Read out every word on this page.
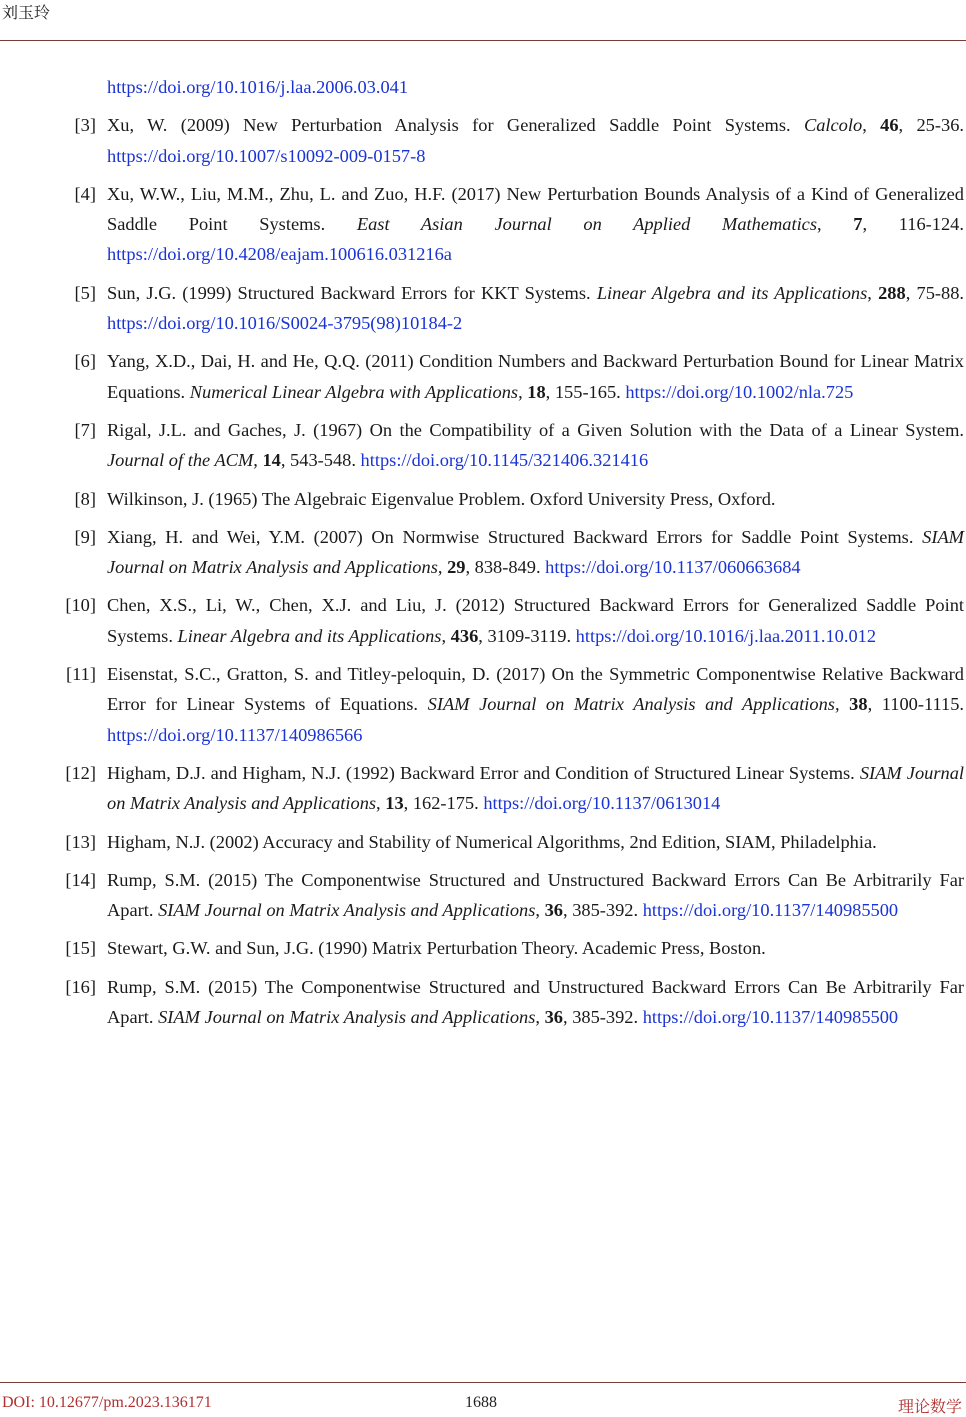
刘玉玲
https://doi.org/10.1016/j.laa.2006.03.041
[3] Xu, W. (2009) New Perturbation Analysis for Generalized Saddle Point Systems. Calcolo, 46, 25-36. https://doi.org/10.1007/s10092-009-0157-8
[4] Xu, W.W., Liu, M.M., Zhu, L. and Zuo, H.F. (2017) New Perturbation Bounds Analysis of a Kind of Generalized Saddle Point Systems. East Asian Journal on Applied Mathematics, 7, 116-124. https://doi.org/10.4208/eajam.100616.031216a
[5] Sun, J.G. (1999) Structured Backward Errors for KKT Systems. Linear Algebra and its Applications, 288, 75-88. https://doi.org/10.1016/S0024-3795(98)10184-2
[6] Yang, X.D., Dai, H. and He, Q.Q. (2011) Condition Numbers and Backward Perturbation Bound for Linear Matrix Equations. Numerical Linear Algebra with Applications, 18, 155-165. https://doi.org/10.1002/nla.725
[7] Rigal, J.L. and Gaches, J. (1967) On the Compatibility of a Given Solution with the Data of a Linear System. Journal of the ACM, 14, 543-548. https://doi.org/10.1145/321406.321416
[8] Wilkinson, J. (1965) The Algebraic Eigenvalue Problem. Oxford University Press, Oxford.
[9] Xiang, H. and Wei, Y.M. (2007) On Normwise Structured Backward Errors for Saddle Point Systems. SIAM Journal on Matrix Analysis and Applications, 29, 838-849. https://doi.org/10.1137/060663684
[10] Chen, X.S., Li, W., Chen, X.J. and Liu, J. (2012) Structured Backward Errors for Generalized Saddle Point Systems. Linear Algebra and its Applications, 436, 3109-3119. https://doi.org/10.1016/j.laa.2011.10.012
[11] Eisenstat, S.C., Gratton, S. and Titley-peloquin, D. (2017) On the Symmetric Componentwise Relative Backward Error for Linear Systems of Equations. SIAM Journal on Matrix Analysis and Applications, 38, 1100-1115. https://doi.org/10.1137/140986566
[12] Higham, D.J. and Higham, N.J. (1992) Backward Error and Condition of Structured Linear Systems. SIAM Journal on Matrix Analysis and Applications, 13, 162-175. https://doi.org/10.1137/0613014
[13] Higham, N.J. (2002) Accuracy and Stability of Numerical Algorithms, 2nd Edition, SIAM, Philadelphia.
[14] Rump, S.M. (2015) The Componentwise Structured and Unstructured Backward Errors Can Be Arbitrarily Far Apart. SIAM Journal on Matrix Analysis and Applications, 36, 385-392. https://doi.org/10.1137/140985500
[15] Stewart, G.W. and Sun, J.G. (1990) Matrix Perturbation Theory. Academic Press, Boston.
[16] Rump, S.M. (2015) The Componentwise Structured and Unstructured Backward Errors Can Be Arbitrarily Far Apart. SIAM Journal on Matrix Analysis and Applications, 36, 385-392. https://doi.org/10.1137/140985500
DOI: 10.12677/pm.2023.136171	1688	理论数学
